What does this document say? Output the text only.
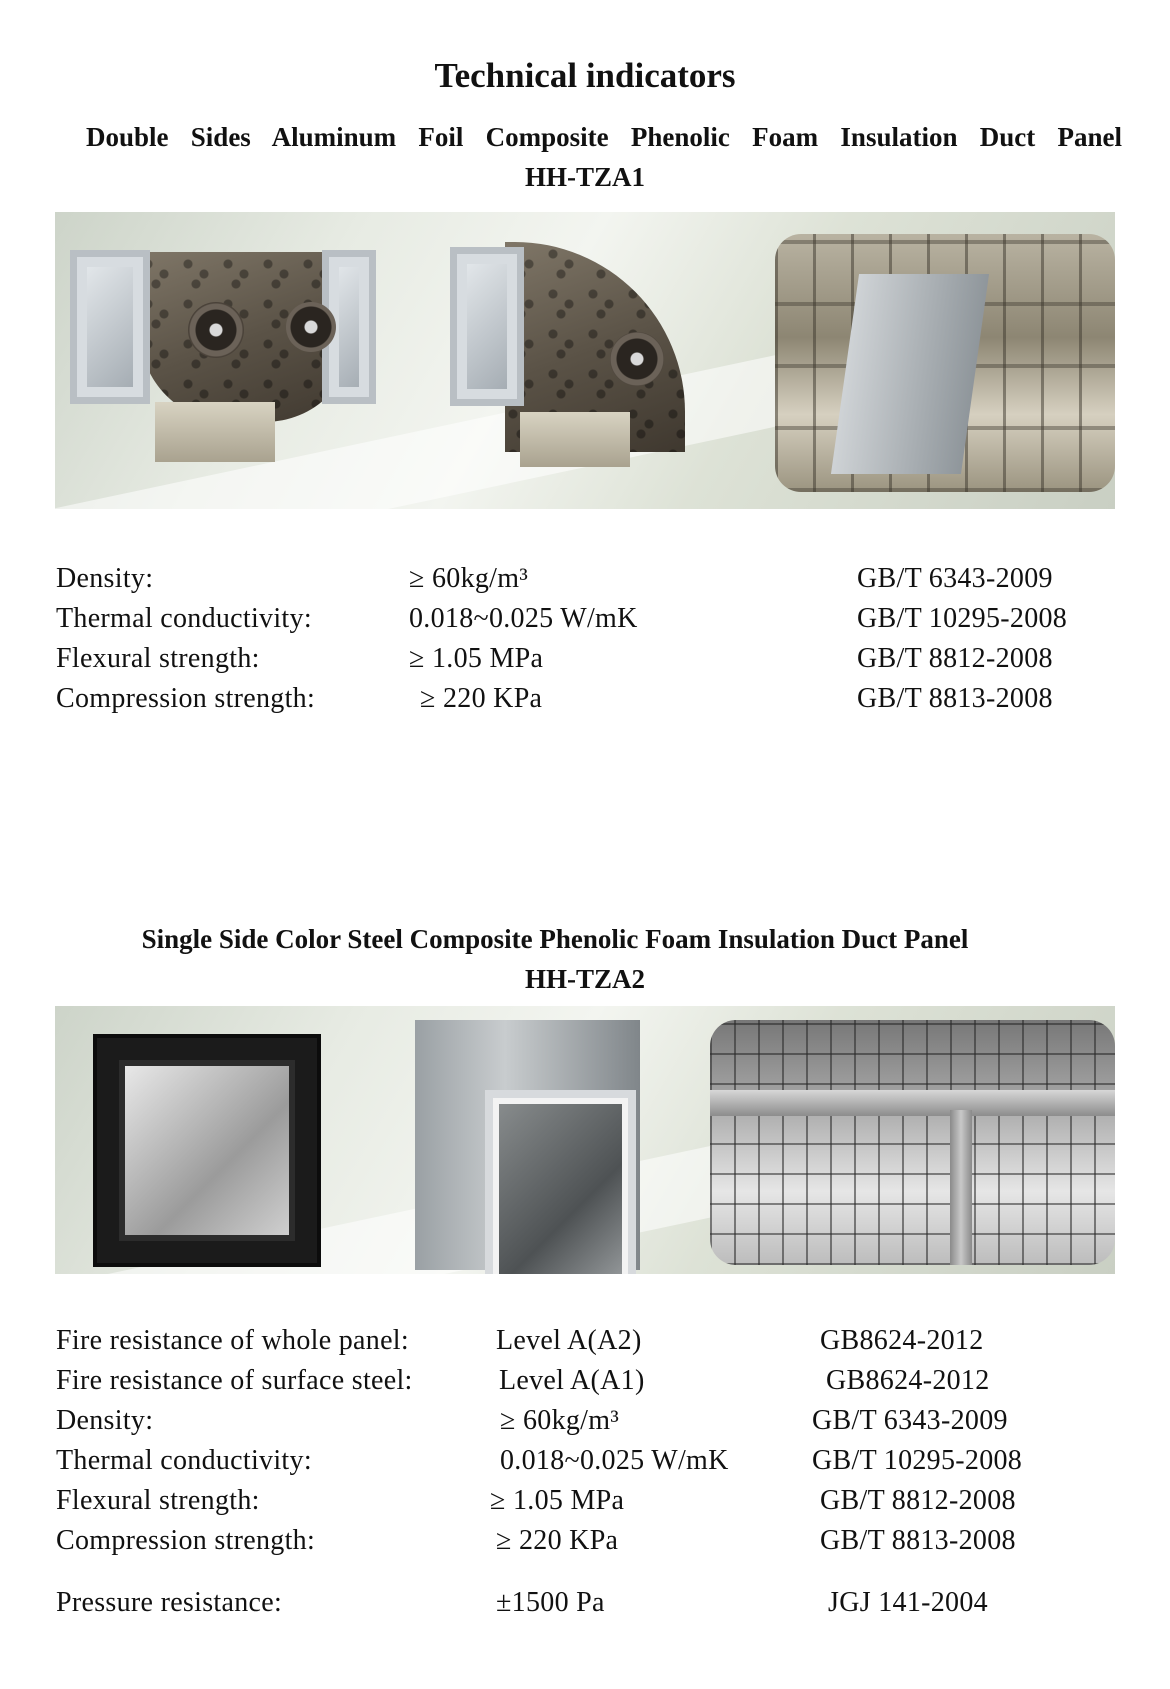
Technical indicators

Double Sides Aluminum Foil Composite Phenolic Foam Insulation Duct Panel

HH-TZA1

Density:	≥ 60kg/m³	GB/T 6343-2009
Thermal conductivity:	0.018~0.025 W/mK	GB/T 10295-2008
Flexural strength:	≥ 1.05 MPa	GB/T 8812-2008
Compression strength:	≥ 220 KPa	GB/T 8813-2008

Single Side Color Steel Composite Phenolic Foam Insulation Duct Panel

HH-TZA2

Fire resistance of whole panel:	Level A(A2)	GB8624-2012
Fire resistance of surface steel:	Level A(A1)	GB8624-2012
Density:	≥ 60kg/m³	GB/T 6343-2009
Thermal conductivity:	0.018~0.025 W/mK	GB/T 10295-2008
Flexural strength:	≥ 1.05 MPa	GB/T 8812-2008
Compression strength:	≥ 220 KPa	GB/T 8813-2008
Pressure resistance:	±1500 Pa	JGJ 141-2004
